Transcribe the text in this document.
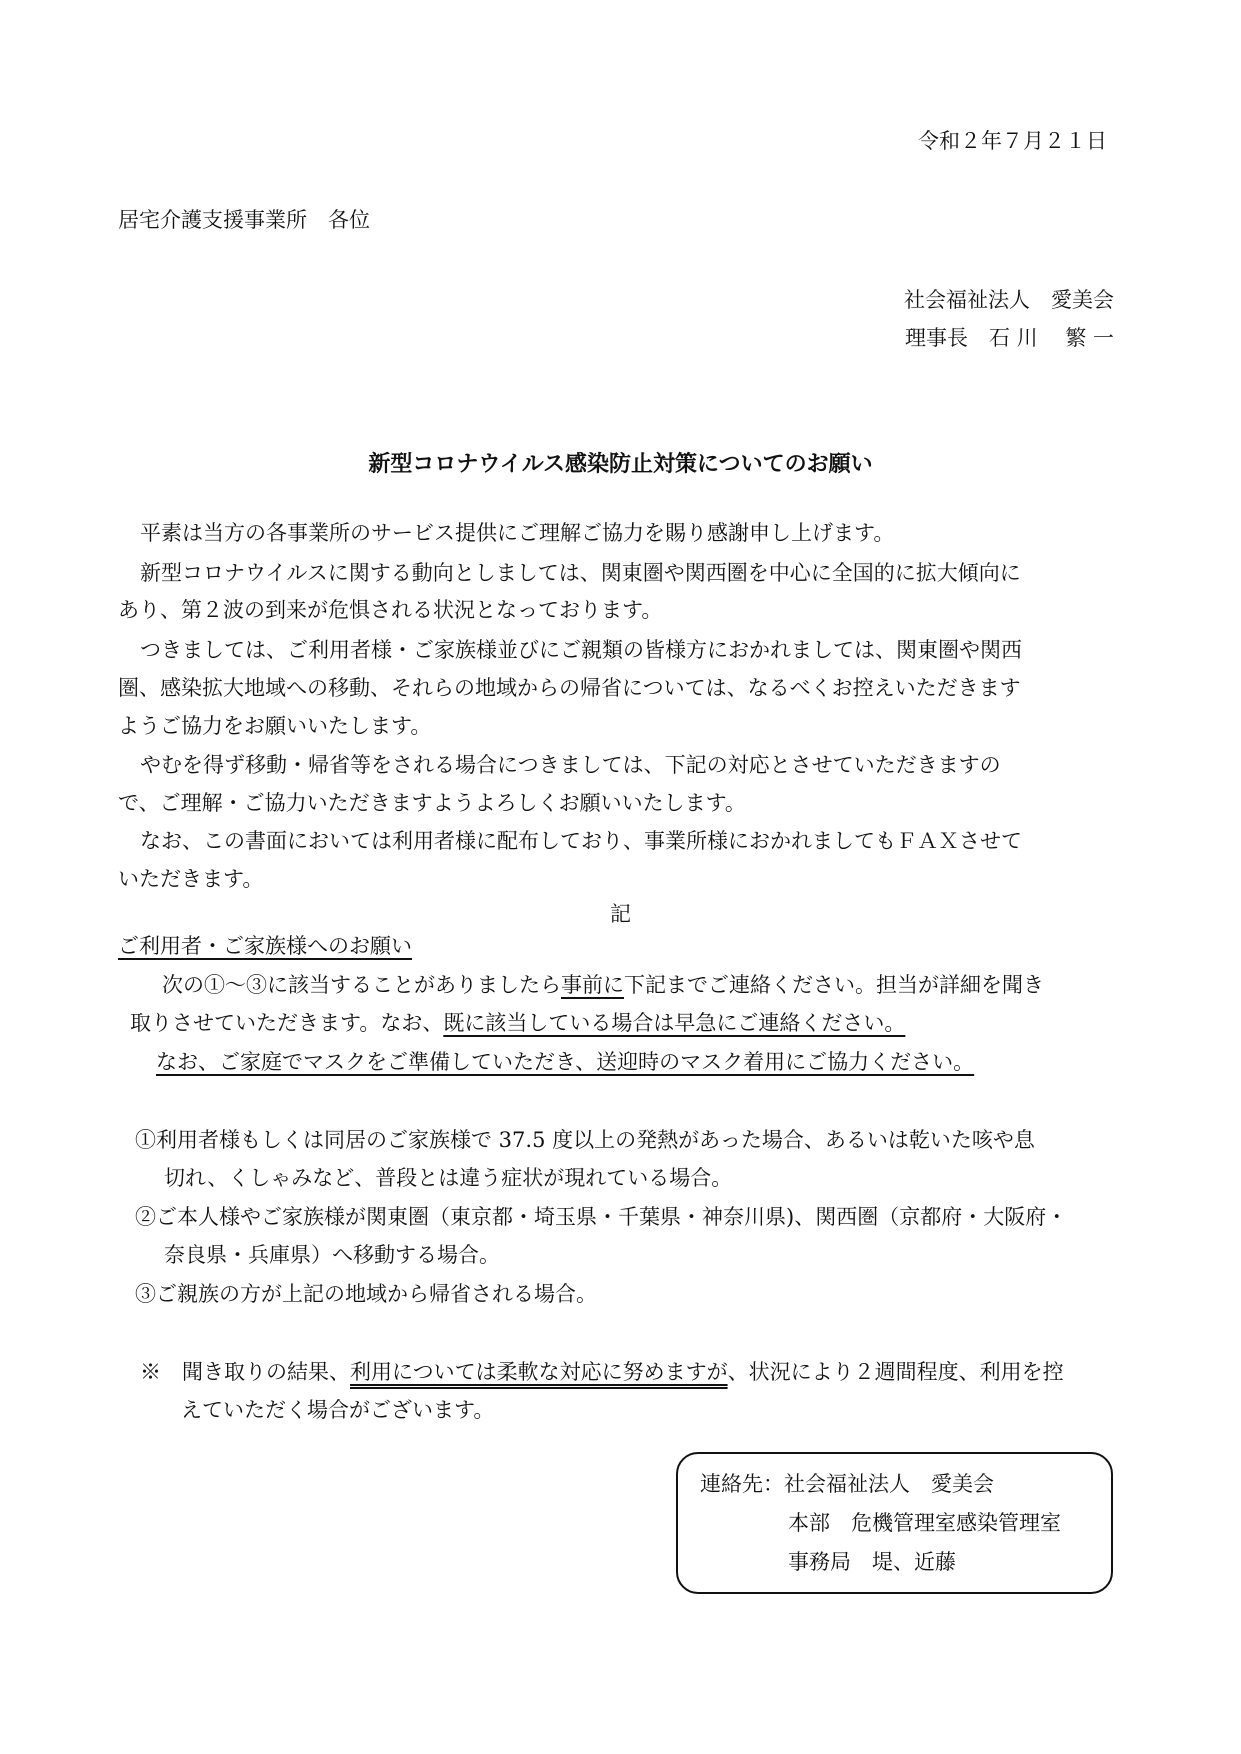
令和２年７月２１日
居宅介護支援事業所　各位
社会福祉法人　愛美会
理事長　石 川　 繁 一
新型コロナウイルス感染防止対策についてのお願い
平素は当方の各事業所のサービス提供にご理解ご協力を賜り感謝申し上げます。
新型コロナウイルスに関する動向としましては、関東圏や関西圏を中心に全国的に拡大傾向に
あり、第２波の到来が危惧される状況となっております。
つきましては、ご利用者様・ご家族様並びにご親類の皆様方におかれましては、関東圏や関西
圏、感染拡大地域への移動、それらの地域からの帰省については、なるべくお控えいただきます
ようご協力をお願いいたします。
やむを得ず移動・帰省等をされる場合につきましては、下記の対応とさせていただきますの
で、ご理解・ご協力いただきますようよろしくお願いいたします。
なお、この書面においては利用者様に配布しており、事業所様におかれましてもＦＡＸさせて
いただきます。
記
ご利用者・ご家族様へのお願い
次の①～③に該当することがありましたら事前に下記までご連絡ください。担当が詳細を聞き
取りさせていただきます。なお、既に該当している場合は早急にご連絡ください。
なお、ご家庭でマスクをご準備していただき、送迎時のマスク着用にご協力ください。
①利用者様もしくは同居のご家族様で 37.5 度以上の発熱があった場合、あるいは乾いた咳や息
切れ、くしゃみなど、普段とは違う症状が現れている場合。
②ご本人様やご家族様が関東圏（東京都・埼玉県・千葉県・神奈川県)、関西圏（京都府・大阪府・
奈良県・兵庫県）へ移動する場合。
③ご親族の方が上記の地域から帰省される場合。
※　聞き取りの結果、利用については柔軟な対応に努めますが、状況により２週間程度、利用を控
えていただく場合がございます。
連絡先：社会福祉法人　愛美会
本部　危機管理室感染管理室
事務局　堤、近藤
